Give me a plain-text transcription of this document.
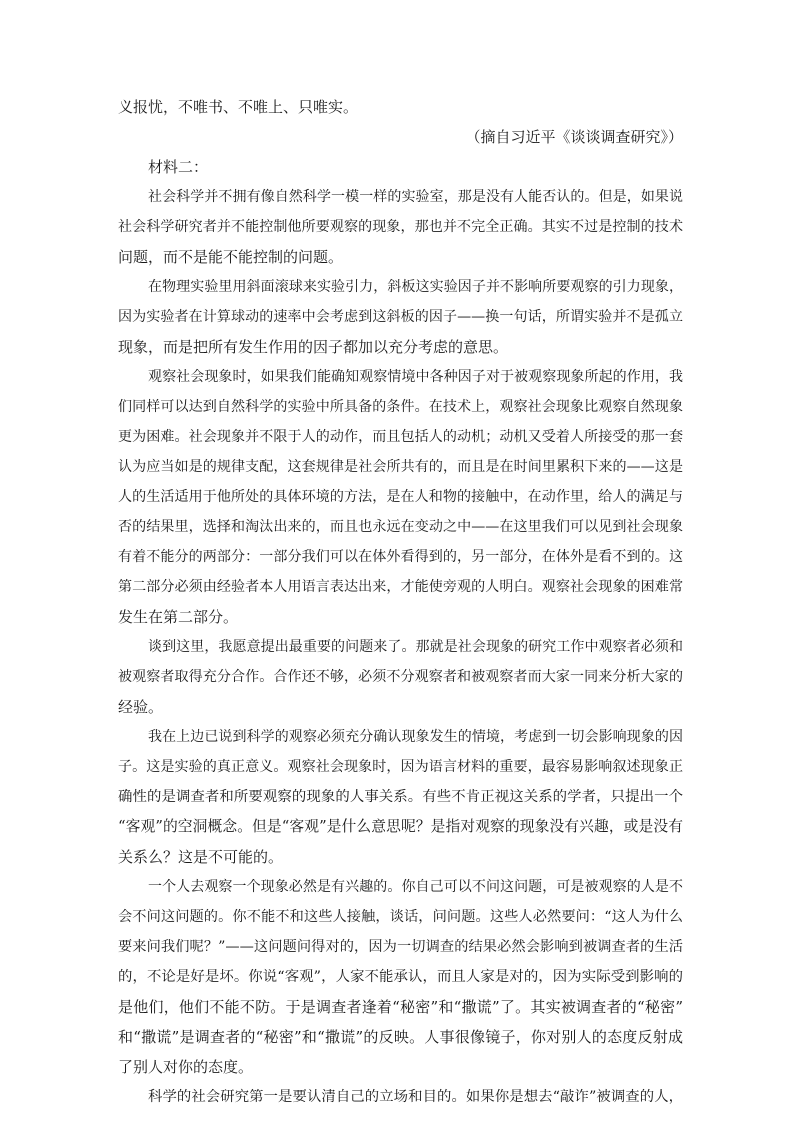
义报忧，不唯书、不唯上、只唯实。
（摘自习近平《谈谈调查研究》）
材料二：
社会科学并不拥有像自然科学一模一样的实验室，那是没有人能否认的。但是，如果说
社会科学研究者并不能控制他所要观察的现象，那也并不完全正确。其实不过是控制的技术
问题，而不是能不能控制的问题。
在物理实验里用斜面滚球来实验引力，斜板这实验因子并不影响所要观察的引力现象，
因为实验者在计算球动的速率中会考虑到这斜板的因子——换一句话，所谓实验并不是孤立
现象，而是把所有发生作用的因子都加以充分考虑的意思。
观察社会现象时，如果我们能确知观察情境中各种因子对于被观察现象所起的作用，我
们同样可以达到自然科学的实验中所具备的条件。在技术上，观察社会现象比观察自然现象
更为困难。社会现象并不限于人的动作，而且包括人的动机；动机又受着人所接受的那一套
认为应当如是的规律支配，这套规律是社会所共有的，而且是在时间里累积下来的——这是
人的生活适用于他所处的具体环境的方法，是在人和物的接触中，在动作里，给人的满足与
否的结果里，选择和淘汰出来的，而且也永远在变动之中——在这里我们可以见到社会现象
有着不能分的两部分：一部分我们可以在体外看得到的，另一部分，在体外是看不到的。这
第二部分必须由经验者本人用语言表达出来，才能使旁观的人明白。观察社会现象的困难常
发生在第二部分。
谈到这里，我愿意提出最重要的问题来了。那就是社会现象的研究工作中观察者必须和
被观察者取得充分合作。合作还不够，必须不分观察者和被观察者而大家一同来分析大家的
经验。
我在上边已说到科学的观察必须充分确认现象发生的情境，考虑到一切会影响现象的因
子。这是实验的真正意义。观察社会现象时，因为语言材料的重要，最容易影响叙述现象正
确性的是调查者和所要观察的现象的人事关系。有些不肯正视这关系的学者，只提出一个
“客观”的空洞概念。但是“客观”是什么意思呢？是指对观察的现象没有兴趣，或是没有
关系么？这是不可能的。
一个人去观察一个现象必然是有兴趣的。你自己可以不问这问题，可是被观察的人是不
会不问这问题的。你不能不和这些人接触，谈话，问问题。这些人必然要问：“这人为什么
要来问我们呢？”——这问题问得对的，因为一切调查的结果必然会影响到被调查者的生活
的，不论是好是坏。你说“客观”，人家不能承认，而且人家是对的，因为实际受到影响的
是他们，他们不能不防。于是调查者逢着“秘密”和“撒谎”了。其实被调查者的“秘密”
和“撒谎”是调查者的“秘密”和“撒谎”的反映。人事很像镜子，你对别人的态度反射成
了别人对你的态度。
科学的社会研究第一是要认清自己的立场和目的。如果你是想去“敲诈”被调查的人，
